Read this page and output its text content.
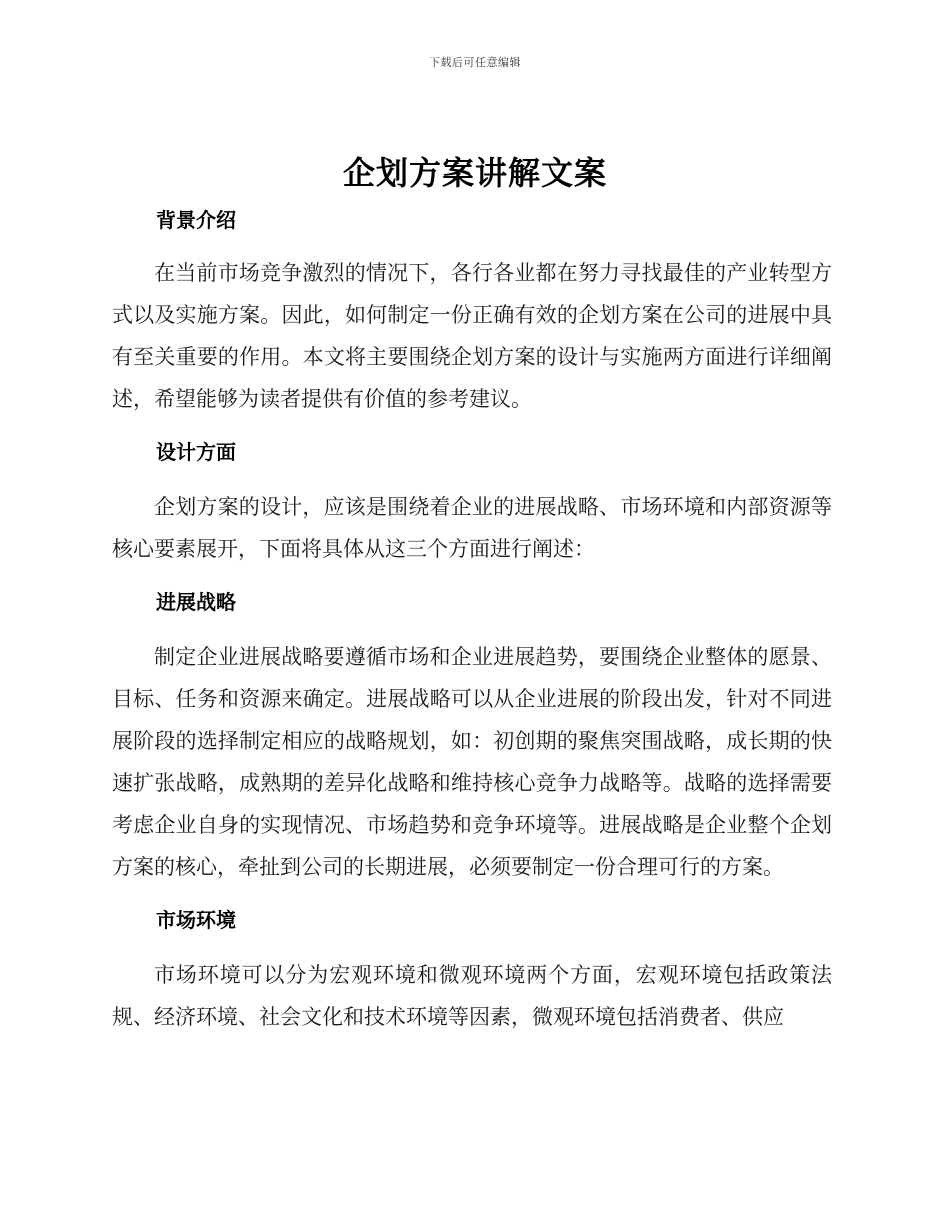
下载后可任意编辑
企划方案讲解文案
背景介绍

在当前市场竞争激烈的情况下，各行各业都在努力寻找最佳的产业转型方式以及实施方案。因此，如何制定一份正确有效的企划方案在公司的进展中具有至关重要的作用。本文将主要围绕企划方案的设计与实施两方面进行详细阐述，希望能够为读者提供有价值的参考建议。

设计方面

企划方案的设计，应该是围绕着企业的进展战略、市场环境和内部资源等核心要素展开，下面将具体从这三个方面进行阐述：

进展战略

制定企业进展战略要遵循市场和企业进展趋势，要围绕企业整体的愿景、目标、任务和资源来确定。进展战略可以从企业进展的阶段出发，针对不同进展阶段的选择制定相应的战略规划，如：初创期的聚焦突围战略，成长期的快速扩张战略，成熟期的差异化战略和维持核心竞争力战略等。战略的选择需要考虑企业自身的实现情况、市场趋势和竞争环境等。进展战略是企业整个企划方案的核心，牵扯到公司的长期进展，必须要制定一份合理可行的方案。

市场环境

市场环境可以分为宏观环境和微观环境两个方面，宏观环境包括政策法规、经济环境、社会文化和技术环境等因素，微观环境包括消费者、供应
